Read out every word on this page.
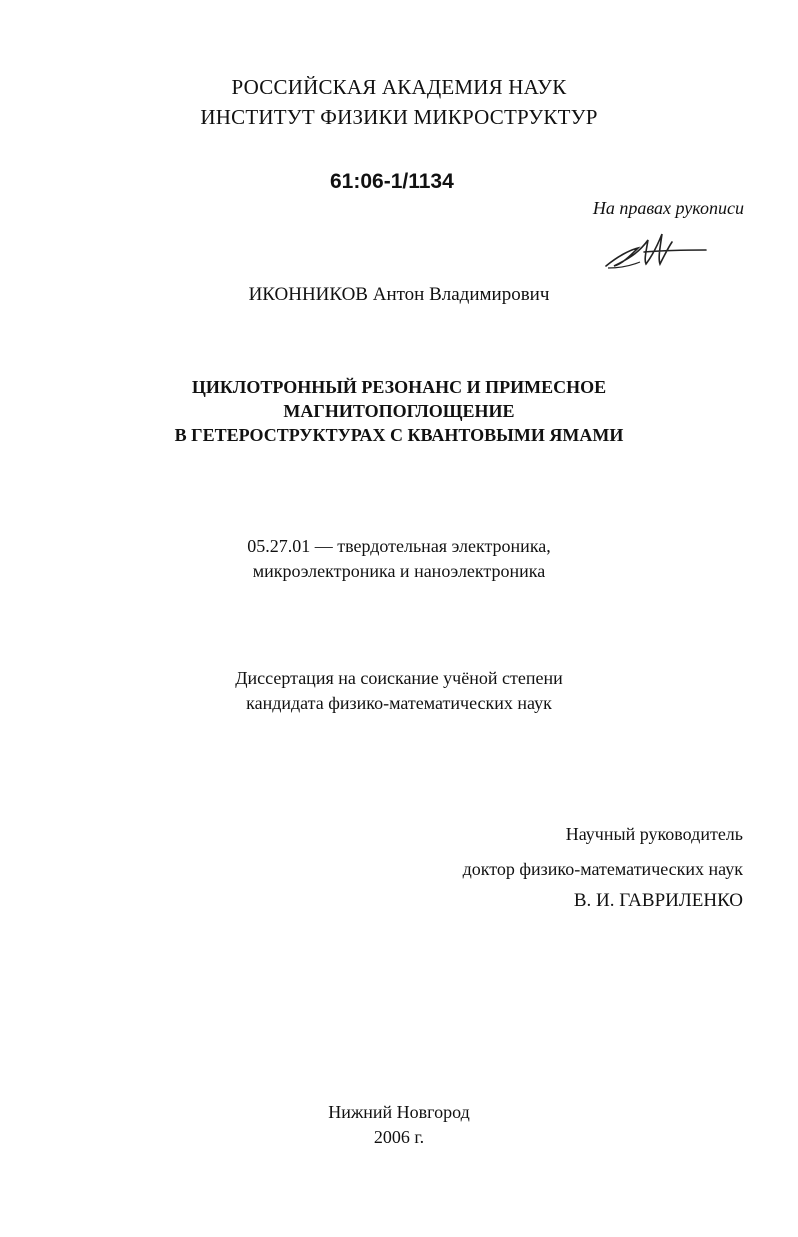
РОССИЙСКАЯ АКАДЕМИЯ НАУК
ИНСТИТУТ ФИЗИКИ МИКРОСТРУКТУР
61:06-1/1134
На правах рукописи
ИКОННИКОВ Антон Владимирович
ЦИКЛОТРОННЫЙ РЕЗОНАНС И ПРИМЕСНОЕ
МАГНИТОПОГЛОЩЕНИЕ
В ГЕТЕРОСТРУКТУРАХ С КВАНТОВЫМИ ЯМАМИ
05.27.01 — твердотельная электроника,
микроэлектроника и наноэлектроника
Диссертация на соискание учёной степени
кандидата физико-математических наук
Научный руководитель
доктор физико-математических наук
В. И. ГАВРИЛЕНКО
Нижний Новгород
2006 г.
